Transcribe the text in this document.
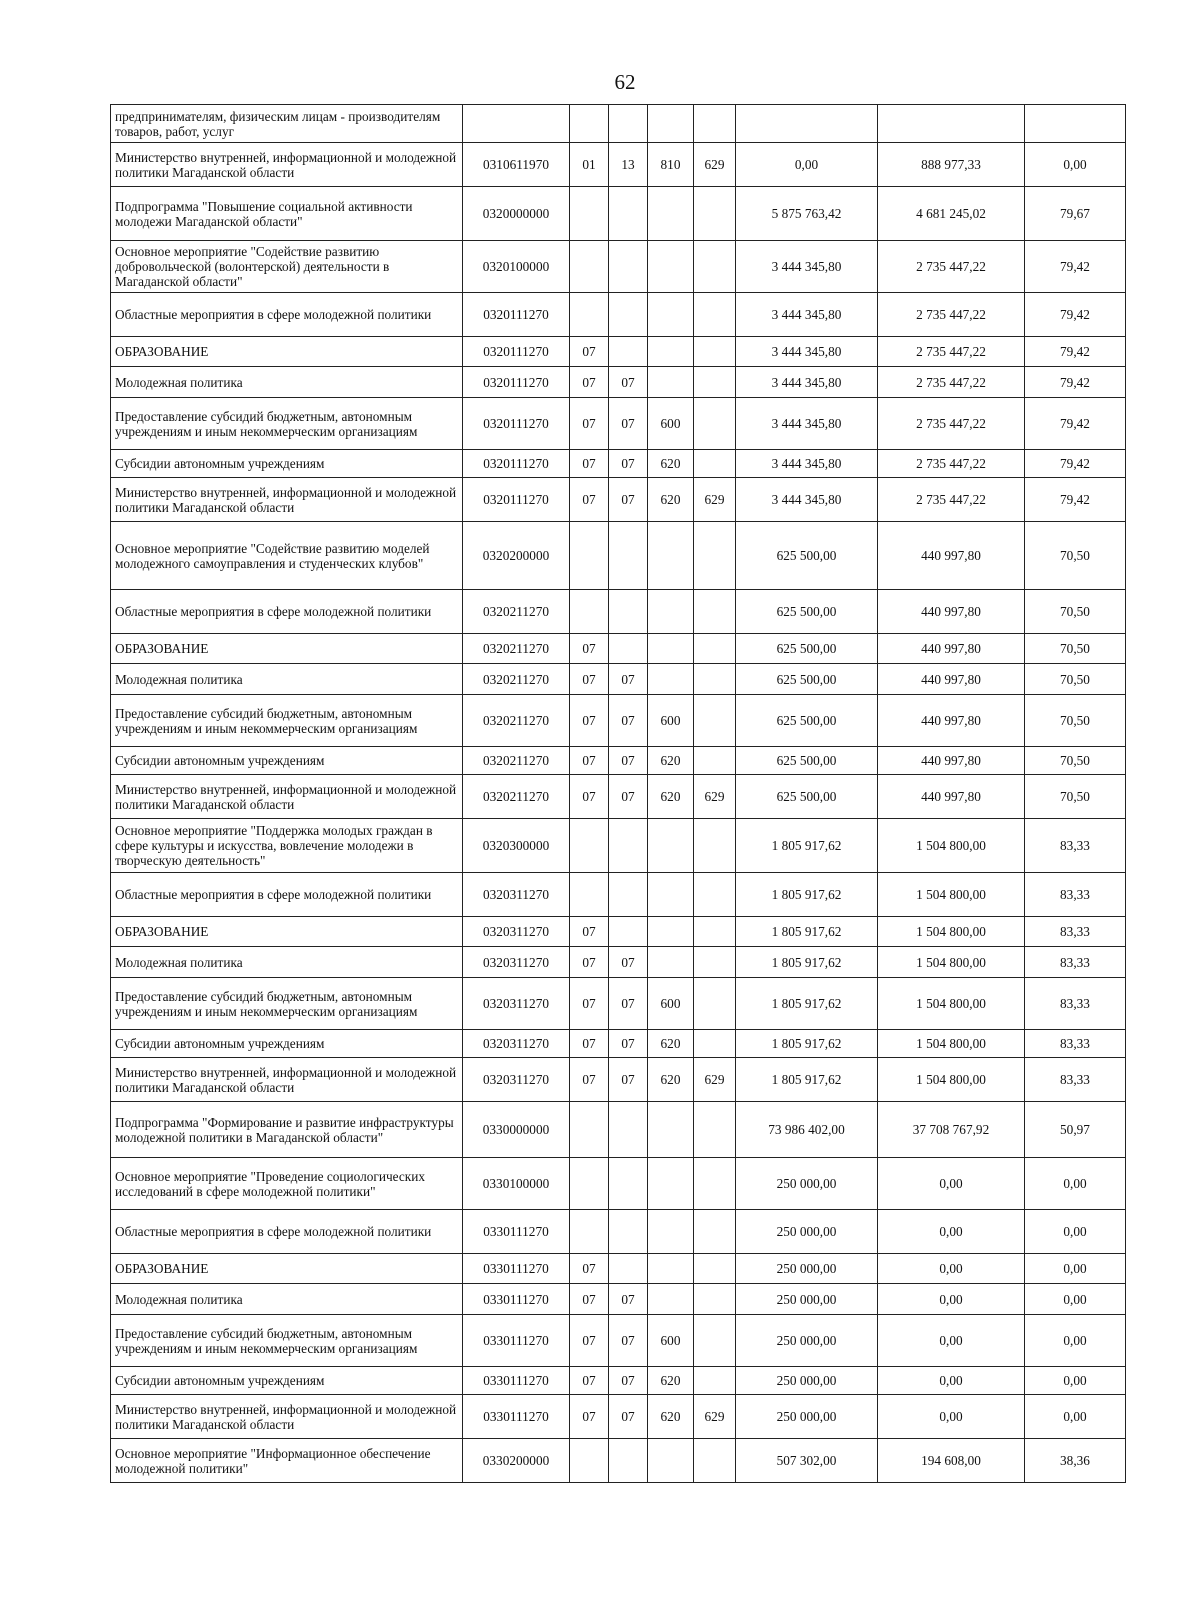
62
предпринимателям, физическим лицам - производителям товаров, работ, услуг								
Министерство внутренней, информационной и молодежной политики Магаданской области	0310611970	01	13	810	629	0,00	888 977,33	0,00
Подпрограмма "Повышение социальной активности молодежи Магаданской области"	0320000000					5 875 763,42	4 681 245,02	79,67
Основное мероприятие "Содействие развитию добровольческой (волонтерской) деятельности в Магаданской области"	0320100000					3 444 345,80	2 735 447,22	79,42
Областные мероприятия в сфере молодежной политики	0320111270					3 444 345,80	2 735 447,22	79,42
ОБРАЗОВАНИЕ	0320111270	07				3 444 345,80	2 735 447,22	79,42
Молодежная политика	0320111270	07	07			3 444 345,80	2 735 447,22	79,42
Предоставление субсидий бюджетным, автономным учреждениям и иным некоммерческим организациям	0320111270	07	07	600		3 444 345,80	2 735 447,22	79,42
Субсидии автономным учреждениям	0320111270	07	07	620		3 444 345,80	2 735 447,22	79,42
Министерство внутренней, информационной и молодежной политики Магаданской области	0320111270	07	07	620	629	3 444 345,80	2 735 447,22	79,42
Основное мероприятие "Содействие развитию моделей молодежного самоуправления и студенческих клубов"	0320200000					625 500,00	440 997,80	70,50
Областные мероприятия в сфере молодежной политики	0320211270					625 500,00	440 997,80	70,50
ОБРАЗОВАНИЕ	0320211270	07				625 500,00	440 997,80	70,50
Молодежная политика	0320211270	07	07			625 500,00	440 997,80	70,50
Предоставление субсидий бюджетным, автономным учреждениям и иным некоммерческим организациям	0320211270	07	07	600		625 500,00	440 997,80	70,50
Субсидии автономным учреждениям	0320211270	07	07	620		625 500,00	440 997,80	70,50
Министерство внутренней, информационной и молодежной политики Магаданской области	0320211270	07	07	620	629	625 500,00	440 997,80	70,50
Основное мероприятие "Поддержка молодых граждан в сфере культуры и искусства, вовлечение молодежи в творческую деятельность"	0320300000					1 805 917,62	1 504 800,00	83,33
Областные мероприятия в сфере молодежной политики	0320311270					1 805 917,62	1 504 800,00	83,33
ОБРАЗОВАНИЕ	0320311270	07				1 805 917,62	1 504 800,00	83,33
Молодежная политика	0320311270	07	07			1 805 917,62	1 504 800,00	83,33
Предоставление субсидий бюджетным, автономным учреждениям и иным некоммерческим организациям	0320311270	07	07	600		1 805 917,62	1 504 800,00	83,33
Субсидии автономным учреждениям	0320311270	07	07	620		1 805 917,62	1 504 800,00	83,33
Министерство внутренней, информационной и молодежной политики Магаданской области	0320311270	07	07	620	629	1 805 917,62	1 504 800,00	83,33
Подпрограмма "Формирование и развитие инфраструктуры молодежной политики в Магаданской области"	0330000000					73 986 402,00	37 708 767,92	50,97
Основное мероприятие "Проведение социологических исследований в сфере молодежной политики"	0330100000					250 000,00	0,00	0,00
Областные мероприятия в сфере молодежной политики	0330111270					250 000,00	0,00	0,00
ОБРАЗОВАНИЕ	0330111270	07				250 000,00	0,00	0,00
Молодежная политика	0330111270	07	07			250 000,00	0,00	0,00
Предоставление субсидий бюджетным, автономным учреждениям и иным некоммерческим организациям	0330111270	07	07	600		250 000,00	0,00	0,00
Субсидии автономным учреждениям	0330111270	07	07	620		250 000,00	0,00	0,00
Министерство внутренней, информационной и молодежной политики Магаданской области	0330111270	07	07	620	629	250 000,00	0,00	0,00
Основное мероприятие "Информационное обеспечение молодежной политики"	0330200000					507 302,00	194 608,00	38,36
